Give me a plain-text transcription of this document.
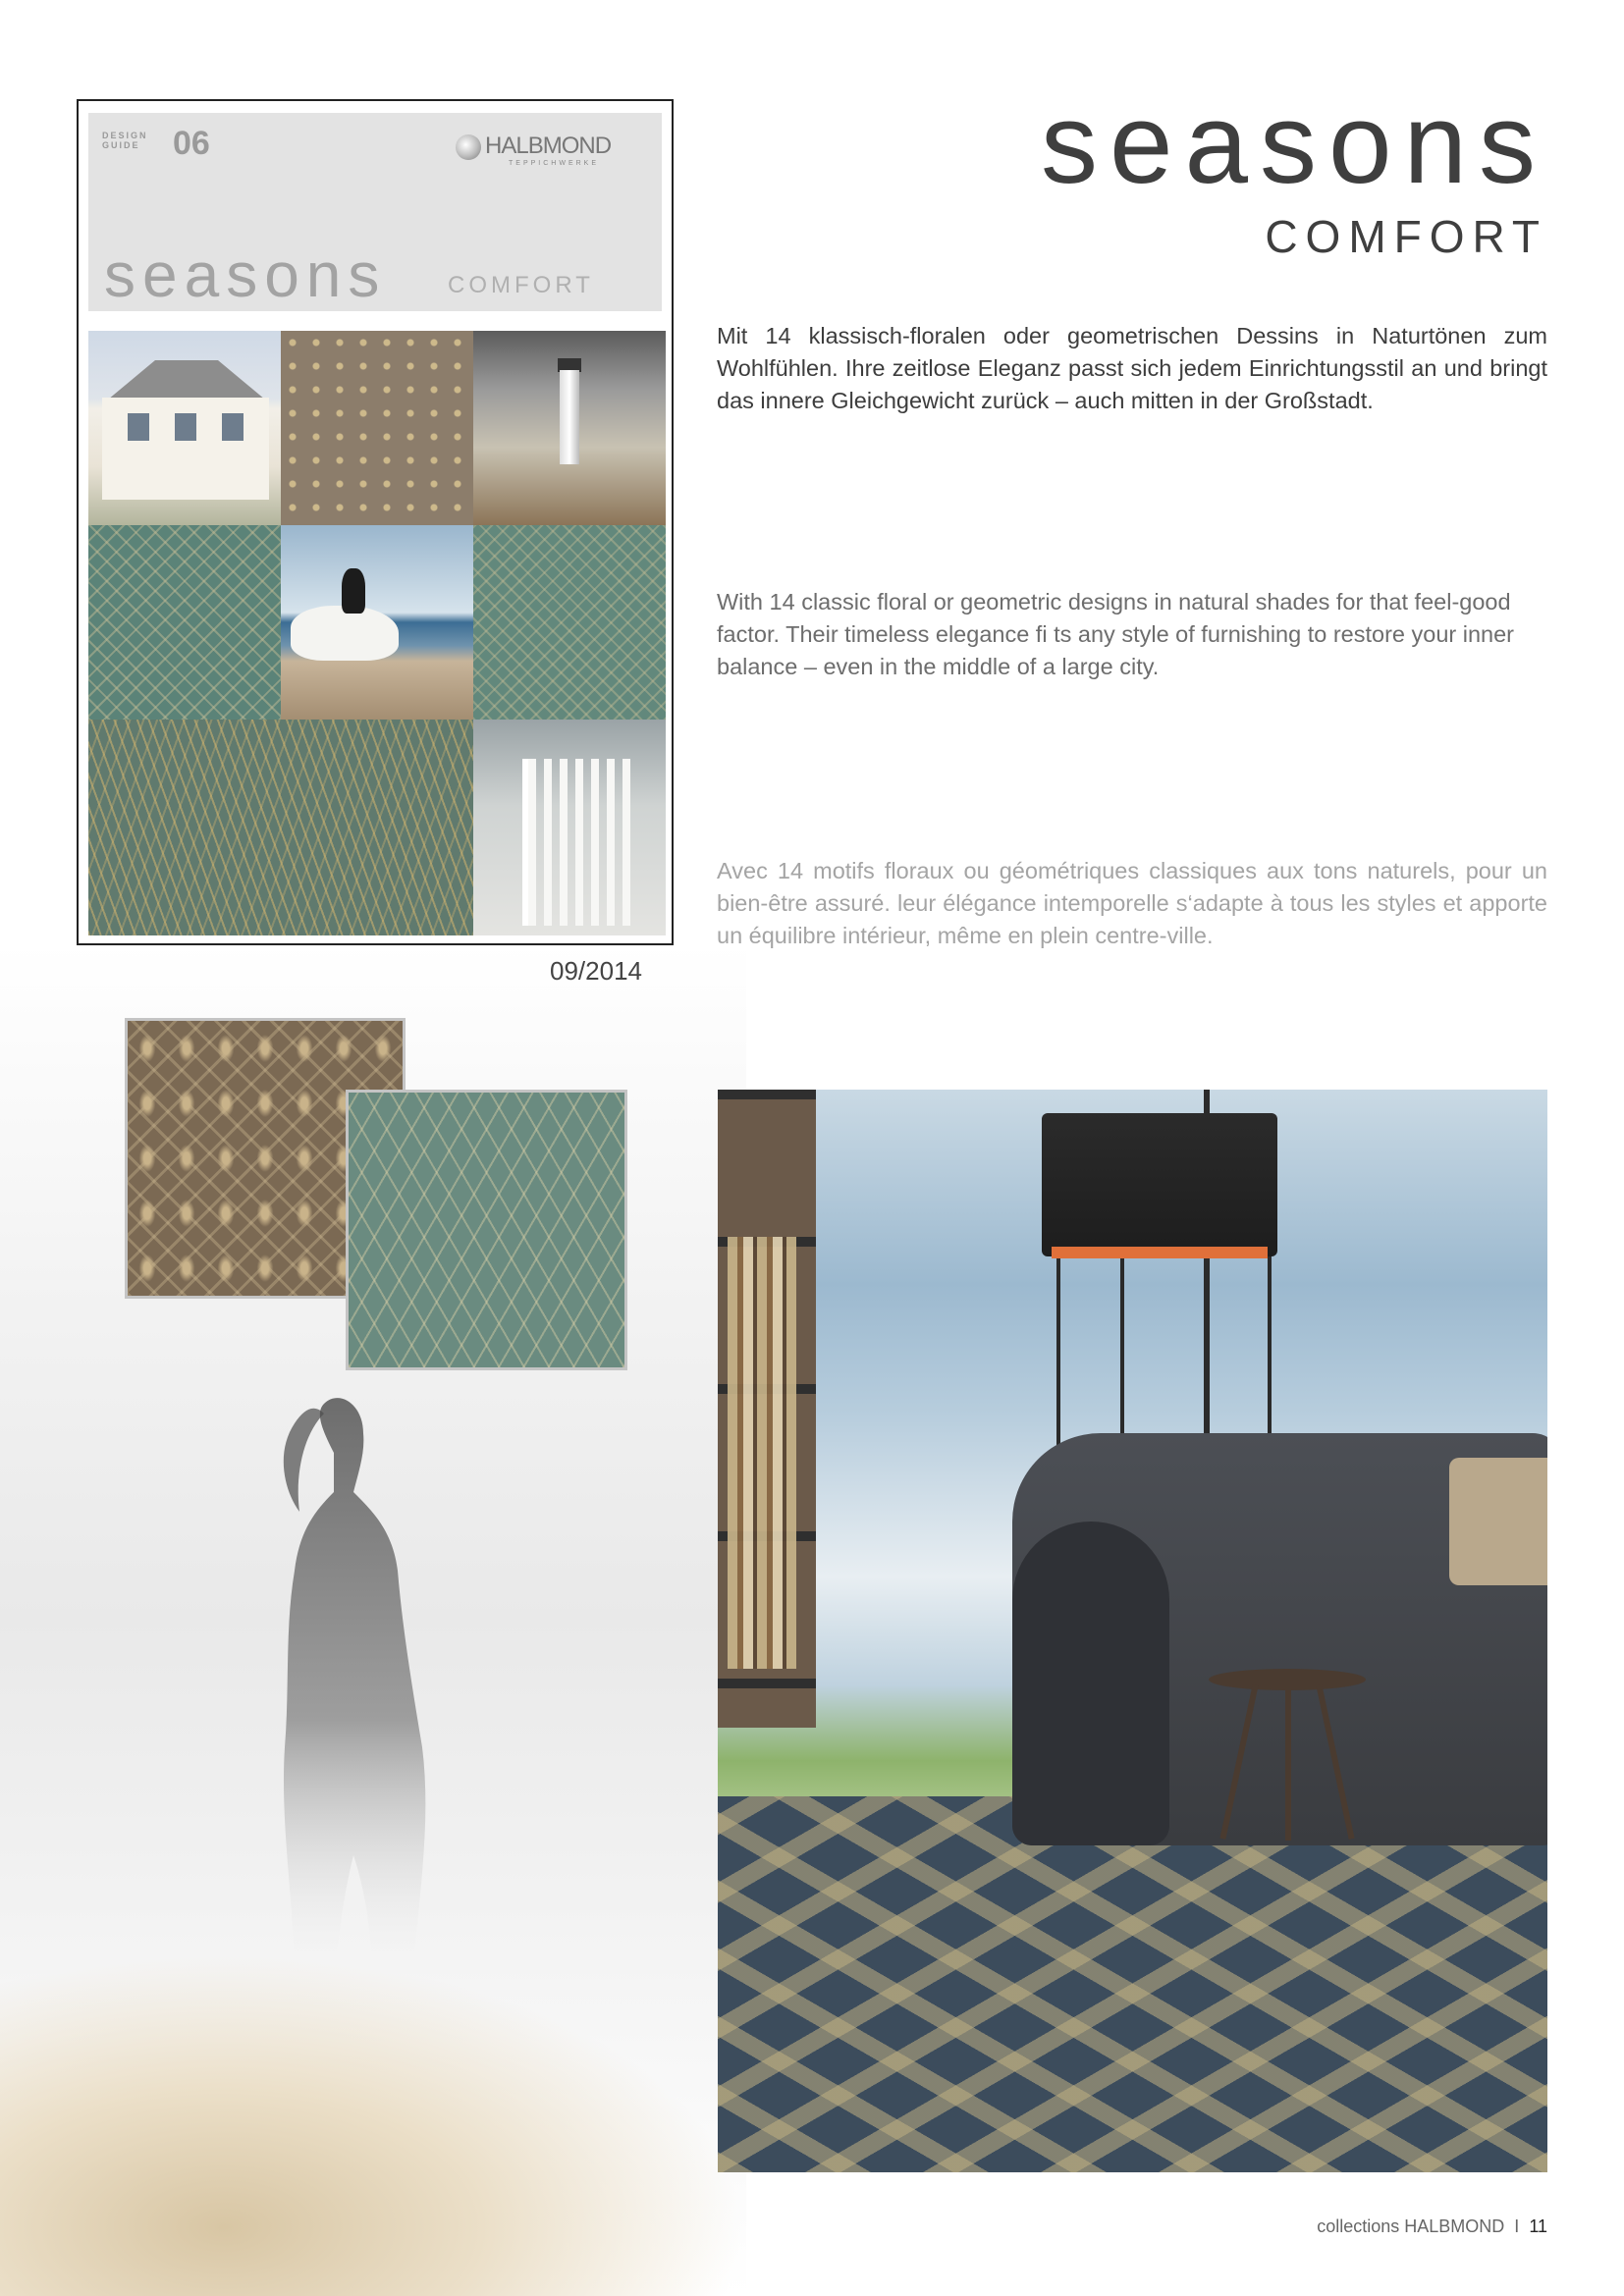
DESIGN
GUIDE 06	HALBMOND
TEPPICHWERKE
seasons	COMFORT
09/2014
seasons
COMFORT
Mit 14 klassisch-floralen oder geometrischen Dessins in Naturtönen zum Wohlfühlen. Ihre zeitlose Eleganz passt sich jedem Einrichtungsstil an und bringt das innere Gleichgewicht zurück – auch mitten in der Großstadt.
With 14 classic floral or geometric designs in natural shades for that feel-good factor. Their timeless elegance fi ts any style of furnishing to restore your inner balance – even in the middle of a large city.
Avec 14 motifs floraux ou géométriques classiques aux tons naturels, pour un bien-être assuré. leur élégance intemporelle s‘adapte à tous les styles et apporte un équilibre intérieur, même en plein centre-ville.
collections HALBMOND I 11
